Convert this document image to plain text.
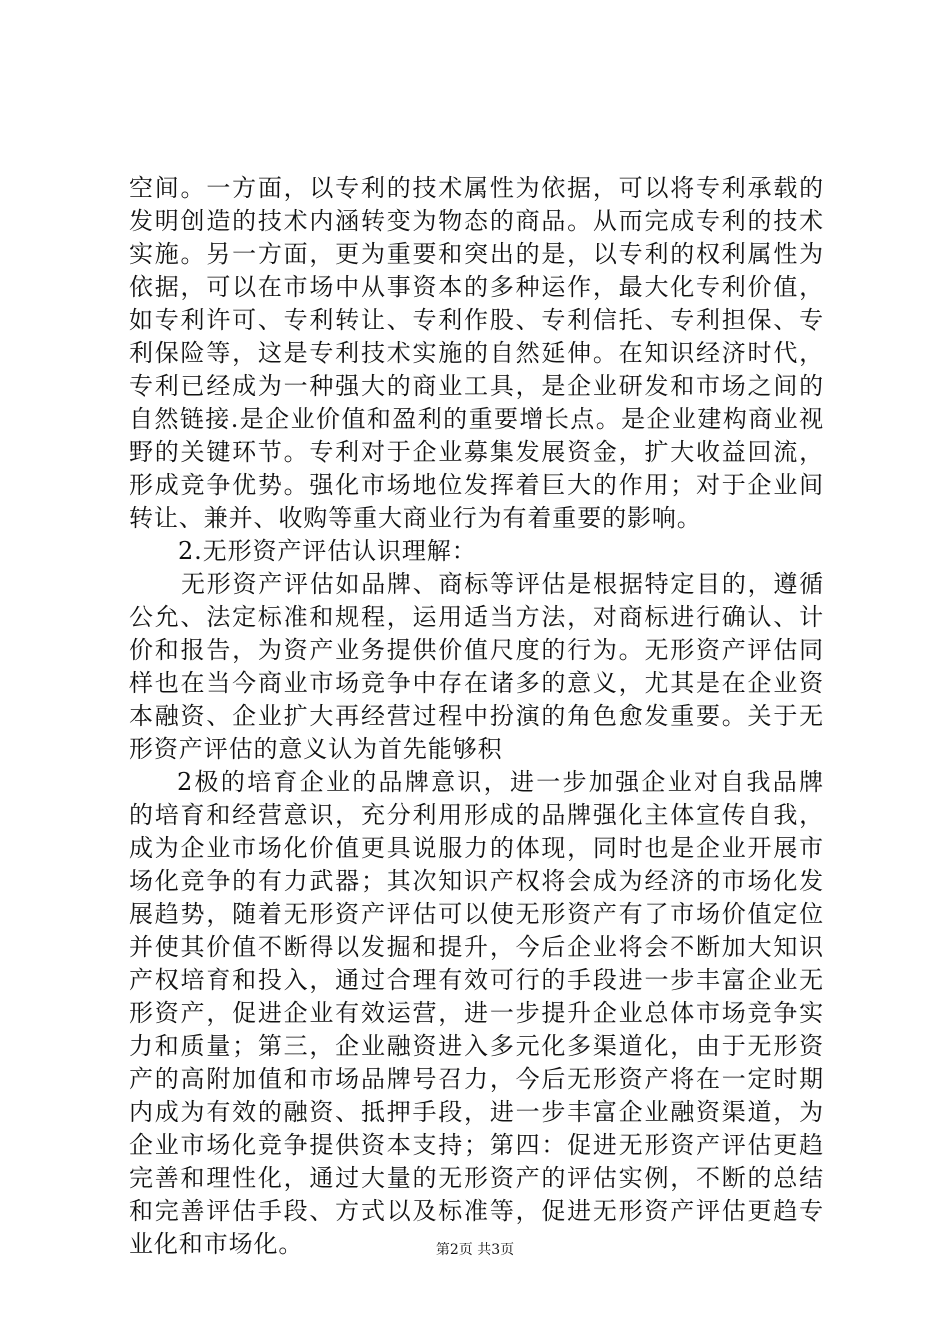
空间。一方面，以专利的技术属性为依据，可以将专利承载的
发明创造的技术内涵转变为物态的商品。从而完成专利的技术
实施。另一方面，更为重要和突出的是，以专利的权利属性为
依据，可以在市场中从事资本的多种运作，最大化专利价值，
如专利许可、专利转让、专利作股、专利信托、专利担保、专
利保险等，这是专利技术实施的自然延伸。在知识经济时代，
专利已经成为一种强大的商业工具，是企业研发和市场之间的
自然链接.是企业价值和盈利的重要增长点。是企业建构商业视
野的关键环节。专利对于企业募集发展资金，扩大收益回流，
形成竞争优势。强化市场地位发挥着巨大的作用；对于企业间
转让、兼并、收购等重大商业行为有着重要的影响。
2.无形资产评估认识理解：
无形资产评估如品牌、商标等评估是根据特定目的，遵循
公允、法定标准和规程，运用适当方法，对商标进行确认、计
价和报告，为资产业务提供价值尺度的行为。无形资产评估同
样也在当今商业市场竞争中存在诸多的意义，尤其是在企业资
本融资、企业扩大再经营过程中扮演的角色愈发重要。关于无
形资产评估的意义认为首先能够积
2极的培育企业的品牌意识，进一步加强企业对自我品牌
的培育和经营意识，充分利用形成的品牌强化主体宣传自我，
成为企业市场化价值更具说服力的体现，同时也是企业开展市
场化竞争的有力武器；其次知识产权将会成为经济的市场化发
展趋势，随着无形资产评估可以使无形资产有了市场价值定位
并使其价值不断得以发掘和提升，今后企业将会不断加大知识
产权培育和投入，通过合理有效可行的手段进一步丰富企业无
形资产，促进企业有效运营，进一步提升企业总体市场竞争实
力和质量；第三，企业融资进入多元化多渠道化，由于无形资
产的高附加值和市场品牌号召力，今后无形资产将在一定时期
内成为有效的融资、抵押手段，进一步丰富企业融资渠道，为
企业市场化竞争提供资本支持；第四：促进无形资产评估更趋
完善和理性化，通过大量的无形资产的评估实例，不断的总结
和完善评估手段、方式以及标准等，促进无形资产评估更趋专
业化和市场化。	第2页 共3页
